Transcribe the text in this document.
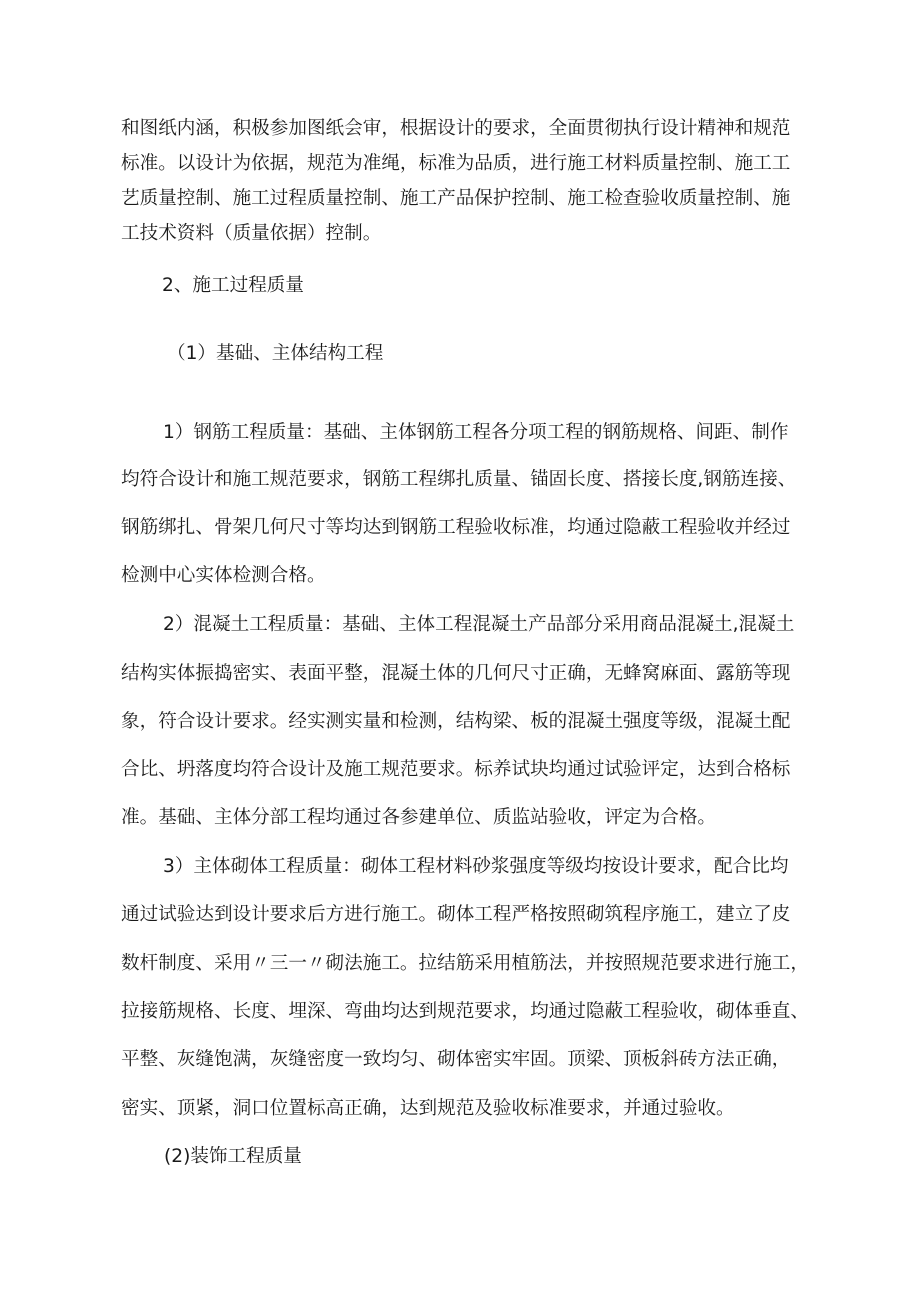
和图纸内涵，积极参加图纸会审，根据设计的要求，全面贯彻执行设计精神和规范
标准。以设计为依据，规范为准绳，标准为品质，进行施工材料质量控制、施工工
艺质量控制、施工过程质量控制、施工产品保护控制、施工检查验收质量控制、施
工技术资料（质量依据）控制。
2、施工过程质量
（1）基础、主体结构工程
1）钢筋工程质量：基础、主体钢筋工程各分项工程的钢筋规格、间距、制作
均符合设计和施工规范要求，钢筋工程绑扎质量、锚固长度、搭接长度,钢筋连接、
钢筋绑扎、骨架几何尺寸等均达到钢筋工程验收标准，均通过隐蔽工程验收并经过
检测中心实体检测合格。
2）混凝土工程质量：基础、主体工程混凝土产品部分采用商品混凝土,混凝土
结构实体振捣密实、表面平整，混凝土体的几何尺寸正确，无蜂窝麻面、露筋等现
象，符合设计要求。经实测实量和检测，结构梁、板的混凝土强度等级，混凝土配
合比、坍落度均符合设计及施工规范要求。标养试块均通过试验评定，达到合格标
准。基础、主体分部工程均通过各参建单位、质监站验收，评定为合格。
3）主体砌体工程质量：砌体工程材料砂浆强度等级均按设计要求，配合比均
通过试验达到设计要求后方进行施工。砌体工程严格按照砌筑程序施工，建立了皮
数杆制度、采用〃三一〃砌法施工。拉结筋采用植筋法，并按照规范要求进行施工，
拉接筋规格、长度、埋深、弯曲均达到规范要求，均通过隐蔽工程验收，砌体垂直、
平整、灰缝饱满，灰缝密度一致均匀、砌体密实牢固。顶梁、顶板斜砖方法正确，
密实、顶紧，洞口位置标高正确，达到规范及验收标准要求，并通过验收。
(2)装饰工程质量
